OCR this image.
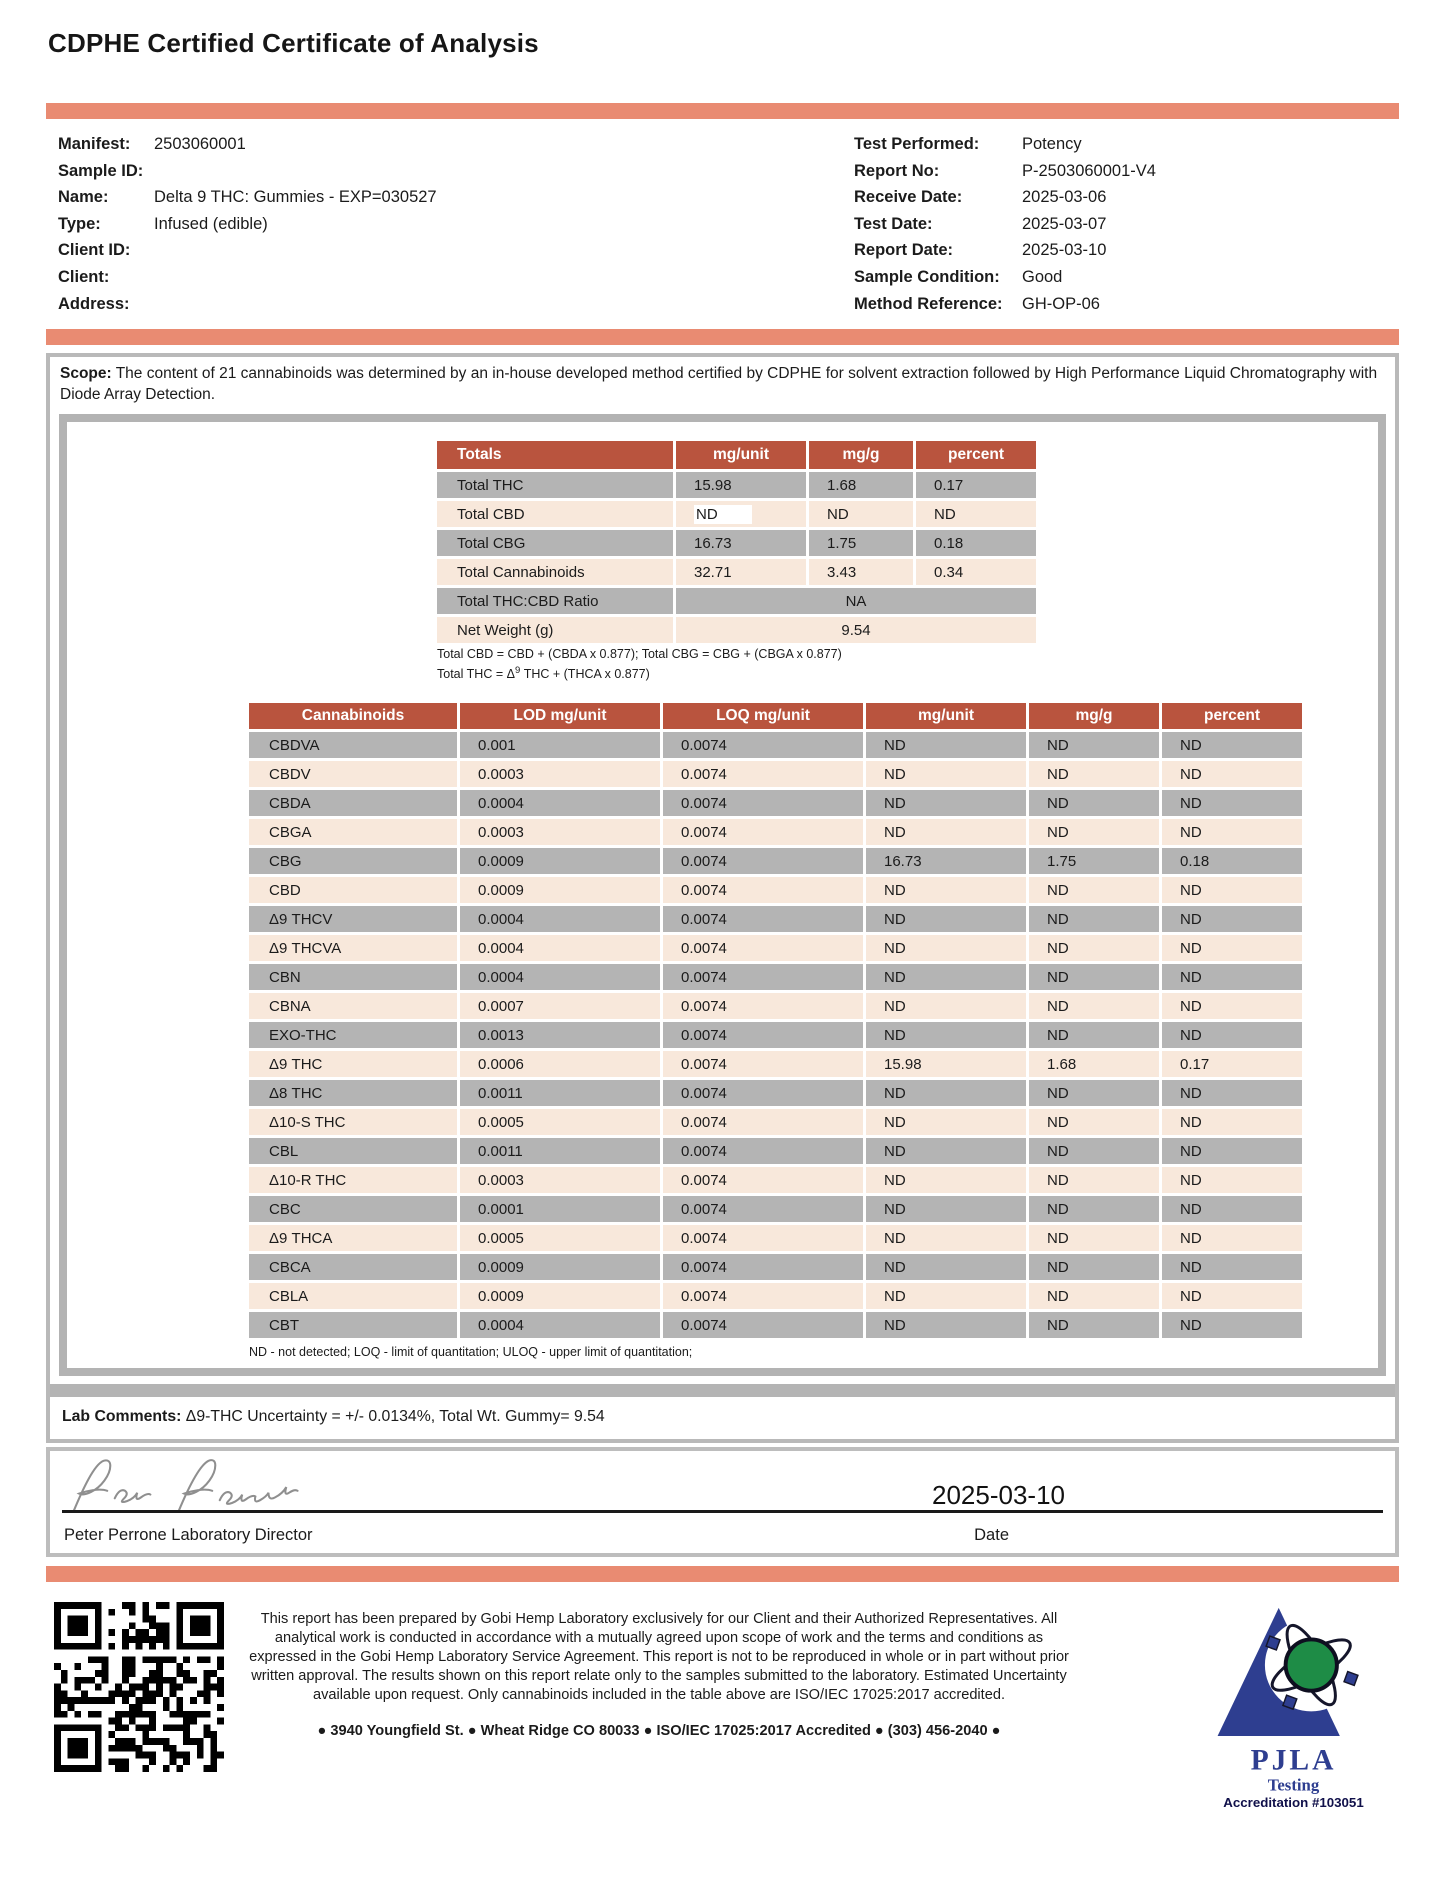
CDPHE Certified Certificate of Analysis
Manifest:	2503060001
Sample ID:
Name:	Delta 9 THC: Gummies - EXP=030527
Type:	Infused (edible)
Client ID:
Client:
Address:
Test Performed:	Potency
Report No:	P-2503060001-V4
Receive Date:	2025-03-06
Test Date:	2025-03-07
Report Date:	2025-03-10
Sample Condition:	Good
Method Reference:	GH-OP-06
Scope: The content of 21 cannabinoids was determined by an in-house developed method certified by CDPHE for solvent extraction followed by High Performance Liquid Chromatography with Diode Array Detection.
Totals	mg/unit	mg/g	percent
Total THC	15.98	1.68	0.17
Total CBD	ND	ND	ND
Total CBG	16.73	1.75	0.18
Total Cannabinoids	32.71	3.43	0.34
Total THC:CBD Ratio	NA		
Net Weight (g)	9.54		
Total CBD = CBD + (CBDA x 0.877); Total CBG = CBG + (CBGA x 0.877)
Total THC = $\Delta^9$ THC + (THCA x 0.877)
Cannabinoids	LOD mg/unit	LOQ mg/unit	mg/unit	mg/g	percent
CBDVA	0.001	0.0074	ND	ND	ND
CBDV	0.0003	0.0074	ND	ND	ND
CBDA	0.0004	0.0074	ND	ND	ND
CBGA	0.0003	0.0074	ND	ND	ND
CBG	0.0009	0.0074	16.73	1.75	0.18
CBD	0.0009	0.0074	ND	ND	ND
Δ9 THCV	0.0004	0.0074	ND	ND	ND
Δ9 THCVA	0.0004	0.0074	ND	ND	ND
CBN	0.0004	0.0074	ND	ND	ND
CBNA	0.0007	0.0074	ND	ND	ND
EXO-THC	0.0013	0.0074	ND	ND	ND
Δ9 THC	0.0006	0.0074	15.98	1.68	0.17
Δ8 THC	0.0011	0.0074	ND	ND	ND
Δ10-S THC	0.0005	0.0074	ND	ND	ND
CBL	0.0011	0.0074	ND	ND	ND
Δ10-R THC	0.0003	0.0074	ND	ND	ND
CBC	0.0001	0.0074	ND	ND	ND
Δ9 THCA	0.0005	0.0074	ND	ND	ND
CBCA	0.0009	0.0074	ND	ND	ND
CBLA	0.0009	0.0074	ND	ND	ND
CBT	0.0004	0.0074	ND	ND	ND
ND - not detected; LOQ - limit of quantitation; ULOQ - upper limit of quantitation;
Lab Comments: Δ9-THC Uncertainty = +/- 0.0134%, Total Wt. Gummy= 9.54
2025-03-10
Peter Perrone Laboratory Director	Date
This report has been prepared by Gobi Hemp Laboratory exclusively for our Client and their Authorized Representatives. All analytical work is conducted in accordance with a mutually agreed upon scope of work and the terms and conditions as expressed in the Gobi Hemp Laboratory Service Agreement. This report is not to be reproduced in whole or in part without prior written approval. The results shown on this report relate only to the samples submitted to the laboratory. Estimated Uncertainty available upon request. Only cannabinoids included in the table above are ISO/IEC 17025:2017 accredited.
● 3940 Youngfield St. ● Wheat Ridge CO 80033 ● ISO/IEC 17025:2017 Accredited ● (303) 456-2040 ●
PJLA
Testing
Accreditation #103051
